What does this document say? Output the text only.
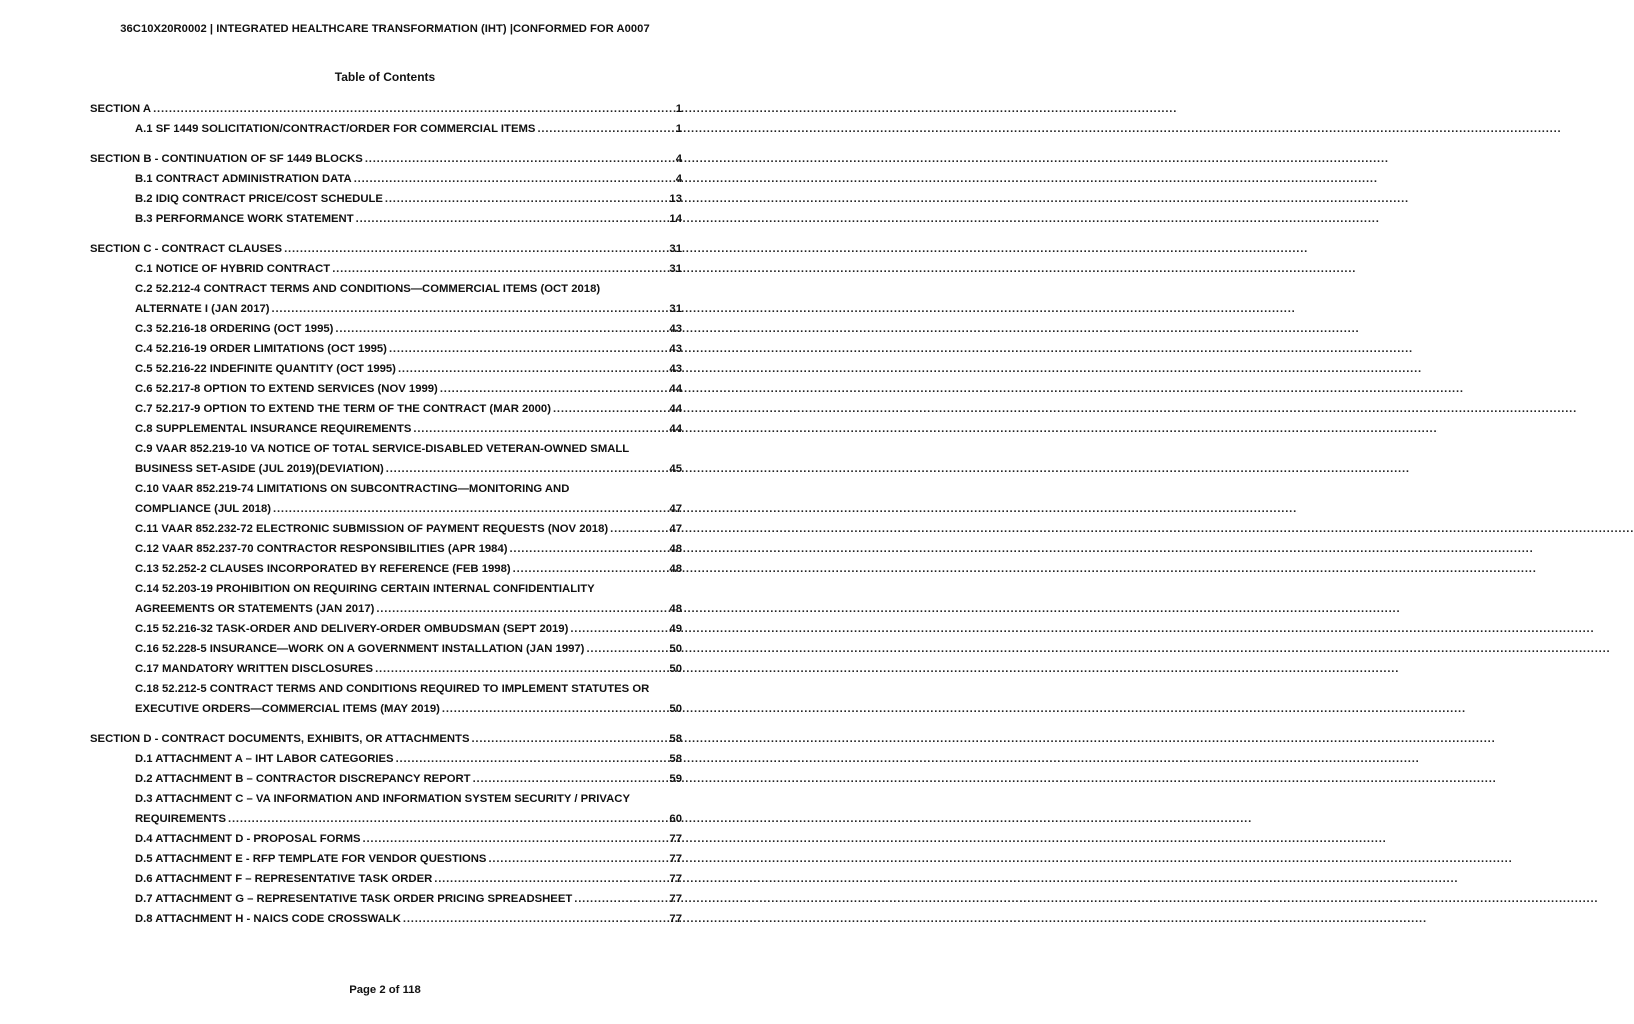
36C10X20R0002 | INTEGRATED HEALTHCARE TRANSFORMATION (IHT) |CONFORMED FOR A0007
Table of Contents
SECTION A .....	1
A.1 SF 1449 SOLICITATION/CONTRACT/ORDER FOR COMMERCIAL ITEMS .....	1
SECTION B - CONTINUATION OF SF 1449 BLOCKS .....	4
B.1 CONTRACT ADMINISTRATION DATA .....	4
B.2 IDIQ CONTRACT PRICE/COST SCHEDULE .....	13
B.3 PERFORMANCE WORK STATEMENT .....	14
SECTION C - CONTRACT CLAUSES .....	31
C.1 NOTICE OF HYBRID CONTRACT .....	31
C.2 52.212-4 CONTRACT TERMS AND CONDITIONS—COMMERCIAL ITEMS (OCT 2018)
ALTERNATE I (JAN 2017) .....	31
C.3 52.216-18 ORDERING (OCT 1995) .....	43
C.4 52.216-19 ORDER LIMITATIONS (OCT 1995) .....	43
C.5 52.216-22 INDEFINITE QUANTITY (OCT 1995) .....	43
C.6 52.217-8 OPTION TO EXTEND SERVICES (NOV 1999) .....	44
C.7 52.217-9 OPTION TO EXTEND THE TERM OF THE CONTRACT (MAR 2000) .....	44
C.8 SUPPLEMENTAL INSURANCE REQUIREMENTS .....	44
C.9 VAAR 852.219-10 VA NOTICE OF TOTAL SERVICE-DISABLED VETERAN-OWNED SMALL
BUSINESS SET-ASIDE (JUL 2019)(DEVIATION) .....	45
C.10 VAAR 852.219-74 LIMITATIONS ON SUBCONTRACTING—MONITORING AND
COMPLIANCE (JUL 2018) .....	47
C.11 VAAR 852.232-72 ELECTRONIC SUBMISSION OF PAYMENT REQUESTS (NOV 2018) .....	47
C.12 VAAR 852.237-70 CONTRACTOR RESPONSIBILITIES (APR 1984) .....	48
C.13 52.252-2 CLAUSES INCORPORATED BY REFERENCE (FEB 1998) .....	48
C.14 52.203-19 PROHIBITION ON REQUIRING CERTAIN INTERNAL CONFIDENTIALITY
AGREEMENTS OR STATEMENTS (JAN 2017) .....	48
C.15 52.216-32 TASK-ORDER AND DELIVERY-ORDER OMBUDSMAN (SEPT 2019) .....	49
C.16 52.228-5 INSURANCE—WORK ON A GOVERNMENT INSTALLATION (JAN 1997) .....	50
C.17 MANDATORY WRITTEN DISCLOSURES .....	50
C.18 52.212-5 CONTRACT TERMS AND CONDITIONS REQUIRED TO IMPLEMENT STATUTES OR
EXECUTIVE ORDERS—COMMERCIAL ITEMS (MAY 2019) .....	50
SECTION D - CONTRACT DOCUMENTS, EXHIBITS, OR ATTACHMENTS .....	58
D.1 ATTACHMENT A – IHT LABOR CATEGORIES .....	58
D.2 ATTACHMENT B – CONTRACTOR DISCREPANCY REPORT .....	59
D.3 ATTACHMENT C – VA INFORMATION AND INFORMATION SYSTEM SECURITY / PRIVACY
REQUIREMENTS .....	60
D.4 ATTACHMENT D - PROPOSAL FORMS .....	77
D.5 ATTACHMENT E - RFP TEMPLATE FOR VENDOR QUESTIONS .....	77
D.6 ATTACHMENT F – REPRESENTATIVE TASK ORDER .....	77
D.7 ATTACHMENT G – REPRESENTATIVE TASK ORDER PRICING SPREADSHEET .....	77
D.8 ATTACHMENT H - NAICS CODE CROSSWALK .....	77
Page 2 of 118
